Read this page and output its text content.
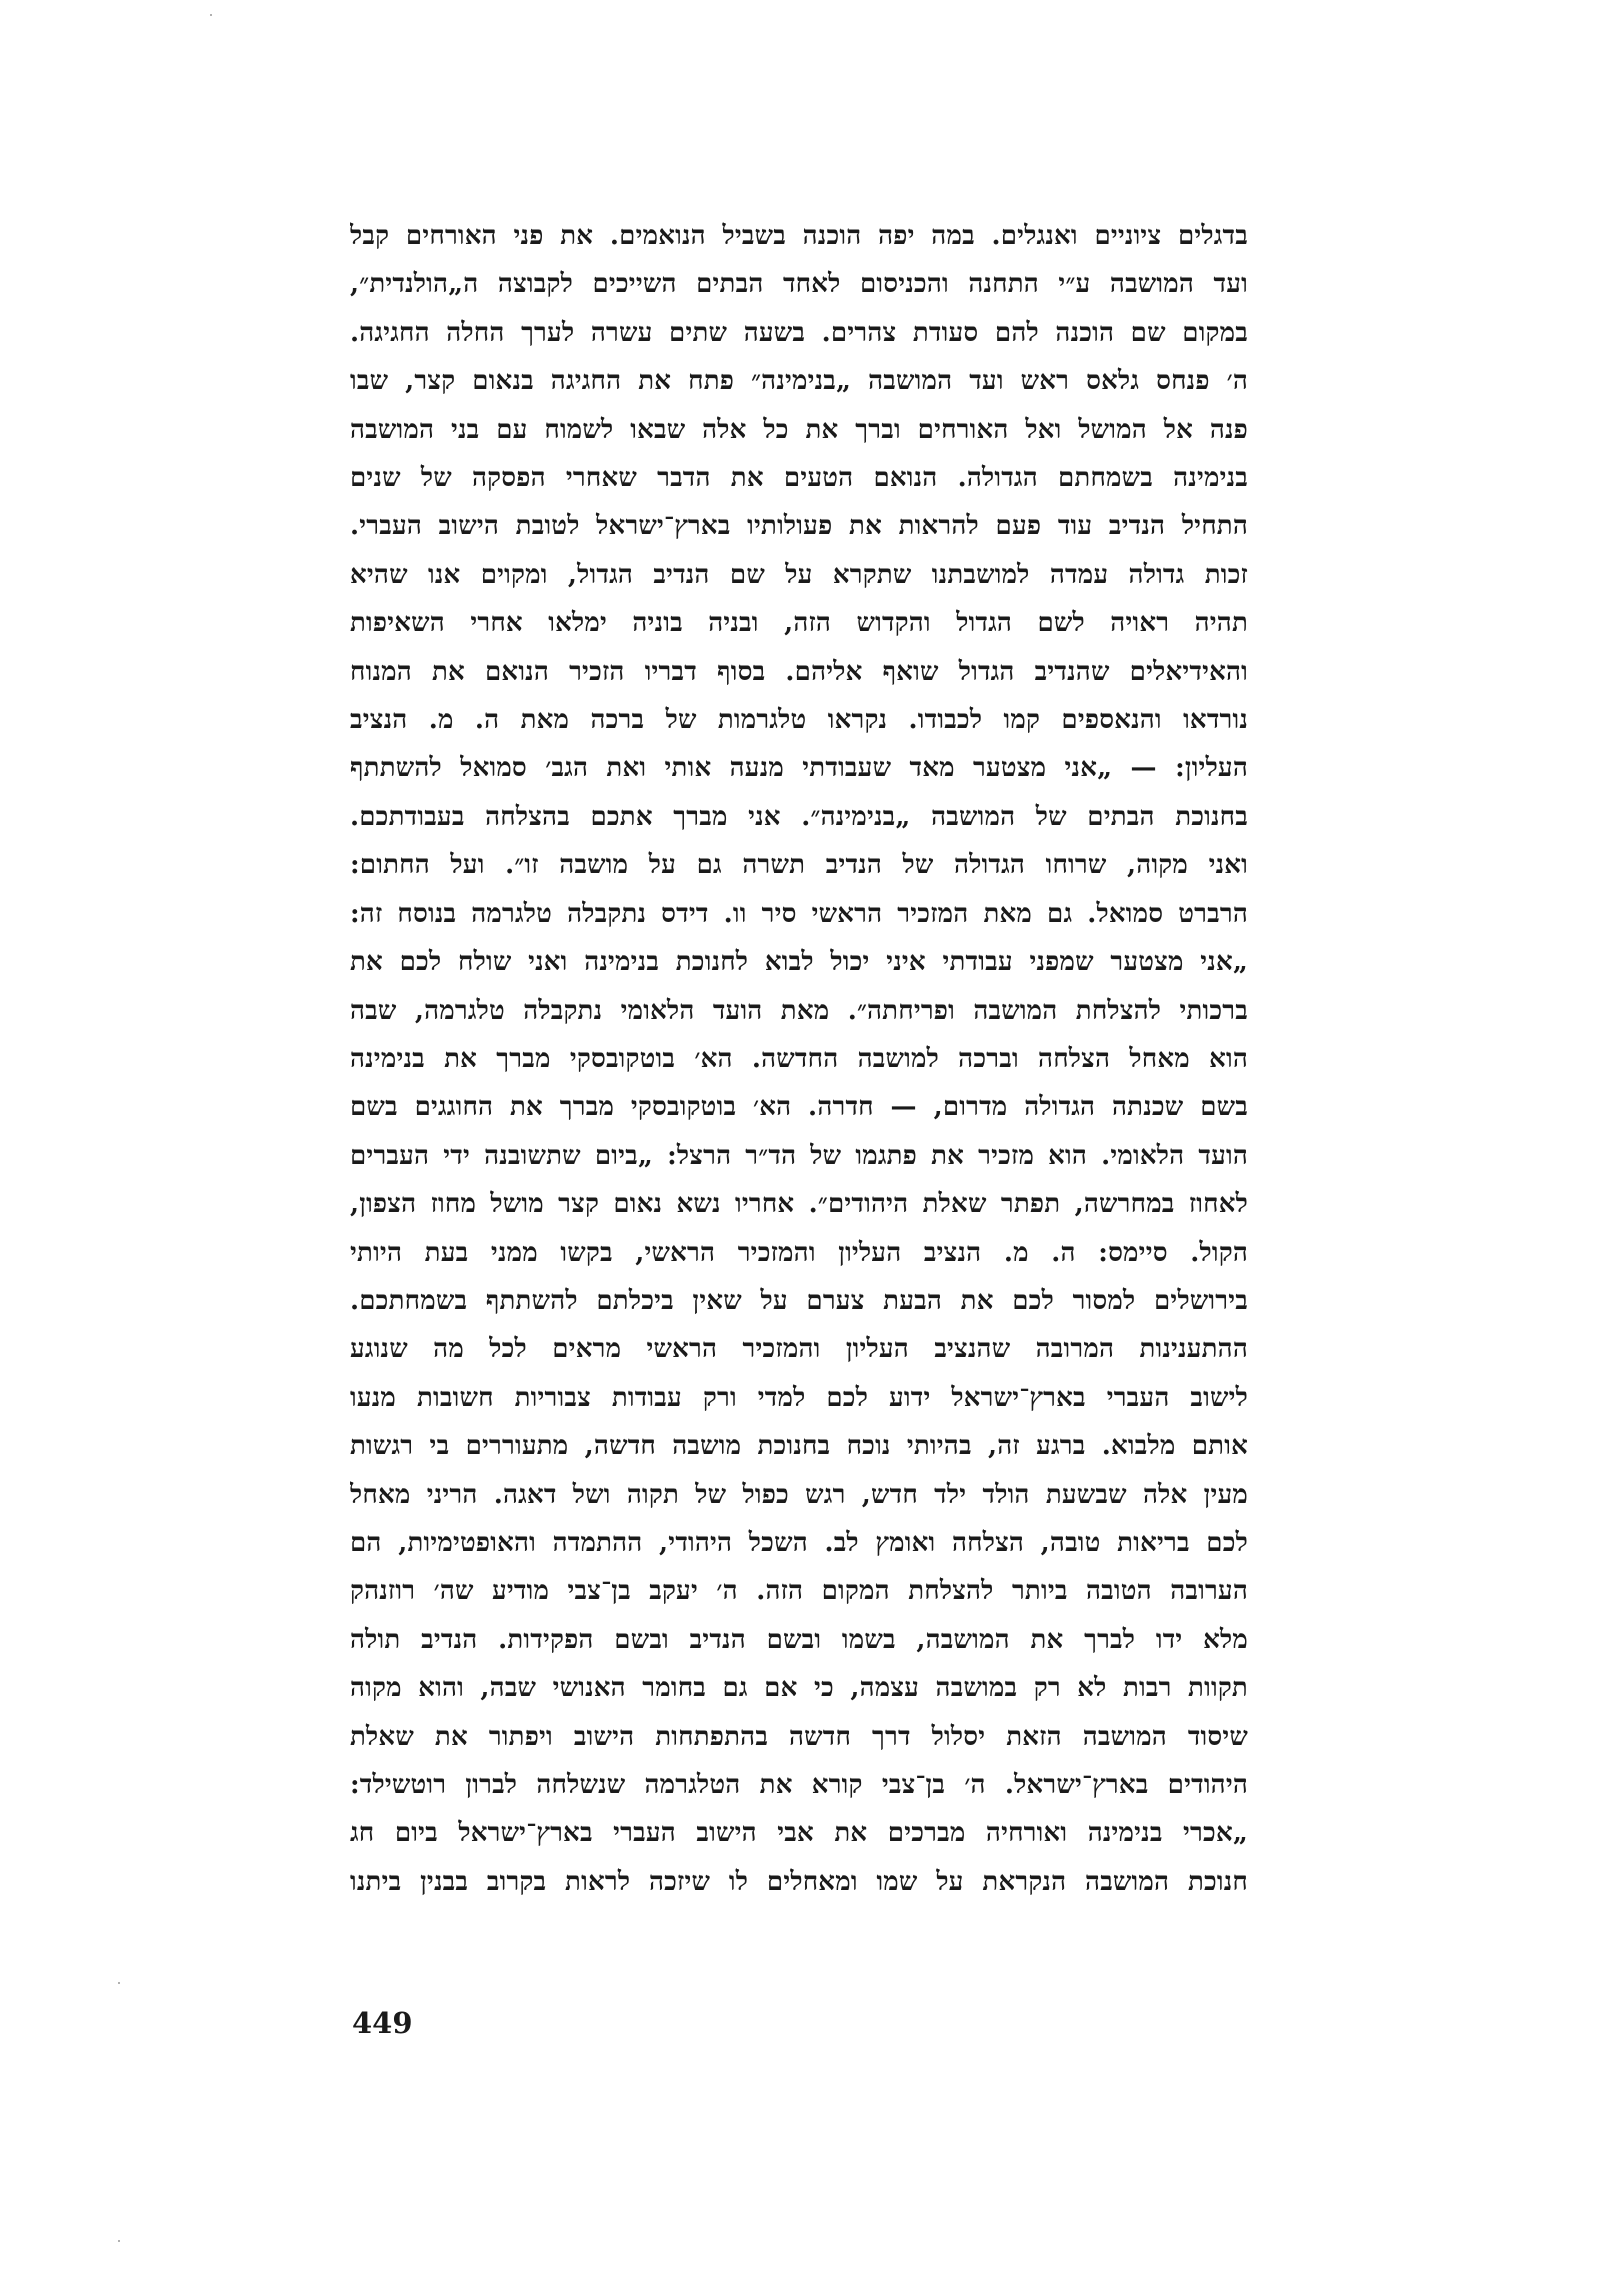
בדגלים ציוניים ואנגלים. במה יפה הוכנה בשביל הנואמים. את פני האורחים קבל
ועד המושבה ע״י התחנה והכניסום לאחד הבתים השייכים לקבוצה ה„הולנדית״,
במקום שם הוכנה להם סעודת צהרים. בשעה שתים עשרה לערך החלה החגיגה.
ה׳ פנחס גלאס ראש ועד המושבה „בנימינה״ פתח את החגיגה בנאום קצר, שבו
פנה אל המושל ואל האורחים וברך את כל אלה שבאו לשמוח עם בני המושבה
בנימינה בשמחתם הגדולה. הנואם הטעים את הדבר שאחרי הפסקה של שנים
התחיל הנדיב עוד פעם להראות את פעולותיו בארץ־ישראל לטובת הישוב העברי.
זכות גדולה עמדה למושבתנו שתקרא על שם הנדיב הגדול, ומקוים אנו שהיא
תהיה ראויה לשם הגדול והקדוש הזה, ובניה בוניה ימלאו אחרי השאיפות
והאידיאלים שהנדיב הגדול שואף אליהם. בסוף דבריו הזכיר הנואם את המנוח
נורדאו והנאספים קמו לכבודו. נקראו טלגרמות של ברכה מאת ה. מ. הנציב
העליון: — „אני מצטער מאד שעבודתי מנעה אותי ואת הגב׳ סמואל להשתתף
בחנוכת הבתים של המושבה „בנימינה״. אני מברך אתכם בהצלחה בעבודתכם.
ואני מקוה, שרוחו הגדולה של הנדיב תשרה גם על מושבה זו״. ועל החתום:
הרברט סמואל. גם מאת המזכיר הראשי סיר וו. דידס נתקבלה טלגרמה בנוסח זה:
„אני מצטער שמפני עבודתי איני יכול לבוא לחנוכת בנימינה ואני שולח לכם את
ברכותי להצלחת המושבה ופריחתה״. מאת הועד הלאומי נתקבלה טלגרמה, שבה
הוא מאחל הצלחה וברכה למושבה החדשה. הא׳ בוטקובסקי מברך את בנימינה
בשם שכנתה הגדולה מדרום, — חדרה. הא׳ בוטקובסקי מברך את החוגגים בשם
הועד הלאומי. הוא מזכיר את פתגמו של הד״ר הרצל: „ביום שתשובנה ידי העברים
לאחוז במחרשה, תפתר שאלת היהודים״. אחריו נשא נאום קצר מושל מחוז הצפון,
הקול. סיימס: ה. מ. הנציב העליון והמזכיר הראשי, בקשו ממני בעת היותי
בירושלים למסור לכם את הבעת צערם על שאין ביכלתם להשתתף בשמחתכם.
ההתענינות המרובה שהנציב העליון והמזכיר הראשי מראים לכל מה שנוגע
לישוב העברי בארץ־ישראל ידוע לכם למדי ורק עבודות צבוריות חשובות מנעו
אותם מלבוא. ברגע זה, בהיותי נוכח בחנוכת מושבה חדשה, מתעוררים בי רגשות
מעין אלה שבשעת הולד ילד חדש, רגש כפול של תקוה ושל דאגה. הריני מאחל
לכם בריאות טובה, הצלחה ואומץ לב. השכל היהודי, ההתמדה והאופטימיות, הם
הערובה הטובה ביותר להצלחת המקום הזה. ה׳ יעקב בן־צבי מודיע שה׳ רוזנהק
מלא ידו לברך את המושבה, בשמו ובשם הנדיב ובשם הפקידות. הנדיב תולה
תקוות רבות לא רק במושבה עצמה, כי אם גם בחומר האנושי שבה, והוא מקוה
שיסוד המושבה הזאת יסלול דרך חדשה בהתפתחות הישוב ויפתור את שאלת
היהודים בארץ־ישראל. ה׳ בן־צבי קורא את הטלגרמה שנשלחה לברון רוטשילד:
„אכרי בנימינה ואורחיה מברכים את אבי הישוב העברי בארץ־ישראל ביום חג
חנוכת המושבה הנקראת על שמו ומאחלים לו שיזכה לראות בקרוב בבנין ביתנו
449
